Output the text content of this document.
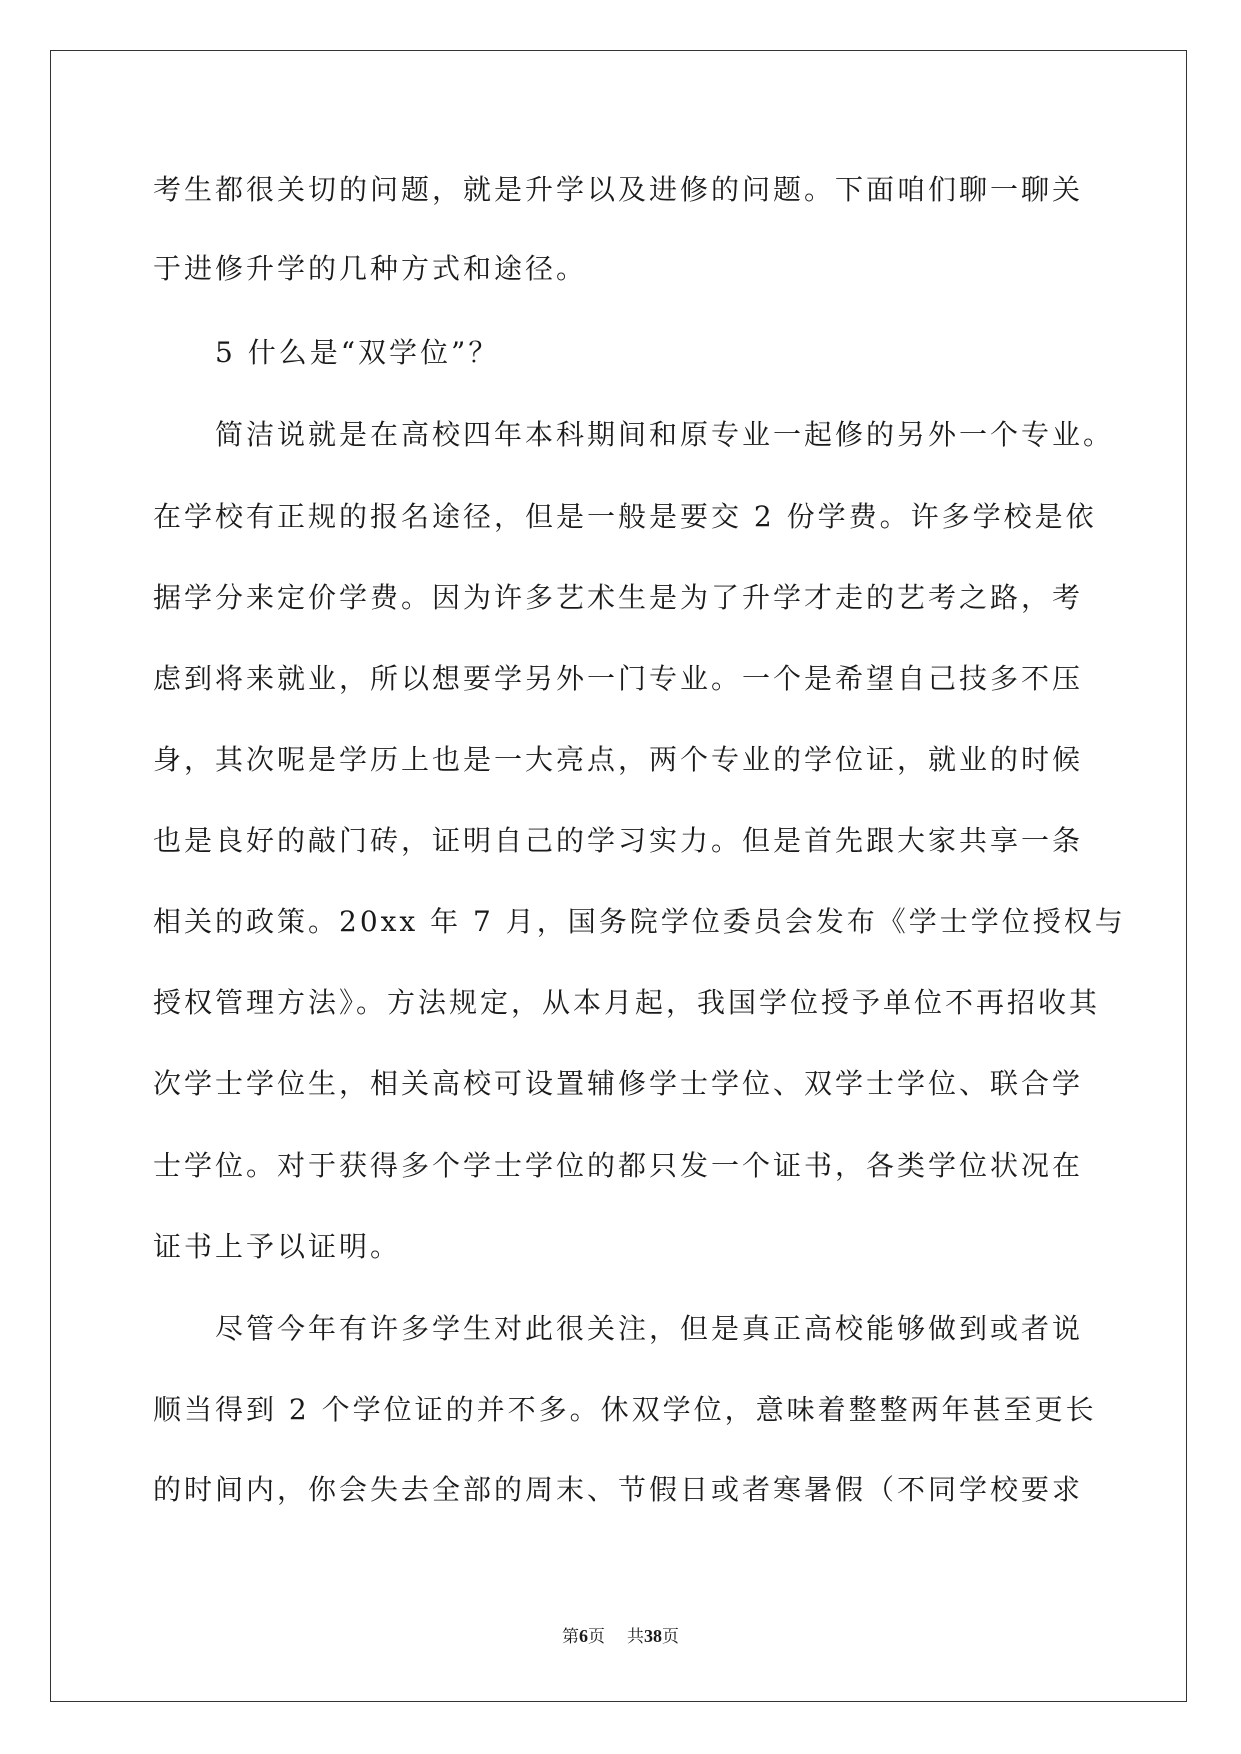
考生都很关切的问题，就是升学以及进修的问题。下面咱们聊一聊关
于进修升学的几种方式和途径。
5 什么是“双学位”？
简洁说就是在高校四年本科期间和原专业一起修的另外一个专业。
在学校有正规的报名途径，但是一般是要交 2 份学费。许多学校是依
据学分来定价学费。因为许多艺术生是为了升学才走的艺考之路，考
虑到将来就业，所以想要学另外一门专业。一个是希望自己技多不压
身，其次呢是学历上也是一大亮点，两个专业的学位证，就业的时候
也是良好的敲门砖，证明自己的学习实力。但是首先跟大家共享一条
相关的政策。20xx 年 7 月，国务院学位委员会发布《学士学位授权与
授权管理方法》。方法规定，从本月起，我国学位授予单位不再招收其
次学士学位生，相关高校可设置辅修学士学位、双学士学位、联合学
士学位。对于获得多个学士学位的都只发一个证书，各类学位状况在
证书上予以证明。
尽管今年有许多学生对此很关注，但是真正高校能够做到或者说
顺当得到 2 个学位证的并不多。休双学位，意味着整整两年甚至更长
的时间内，你会失去全部的周末、节假日或者寒暑假（不同学校要求
第6页 共38页
